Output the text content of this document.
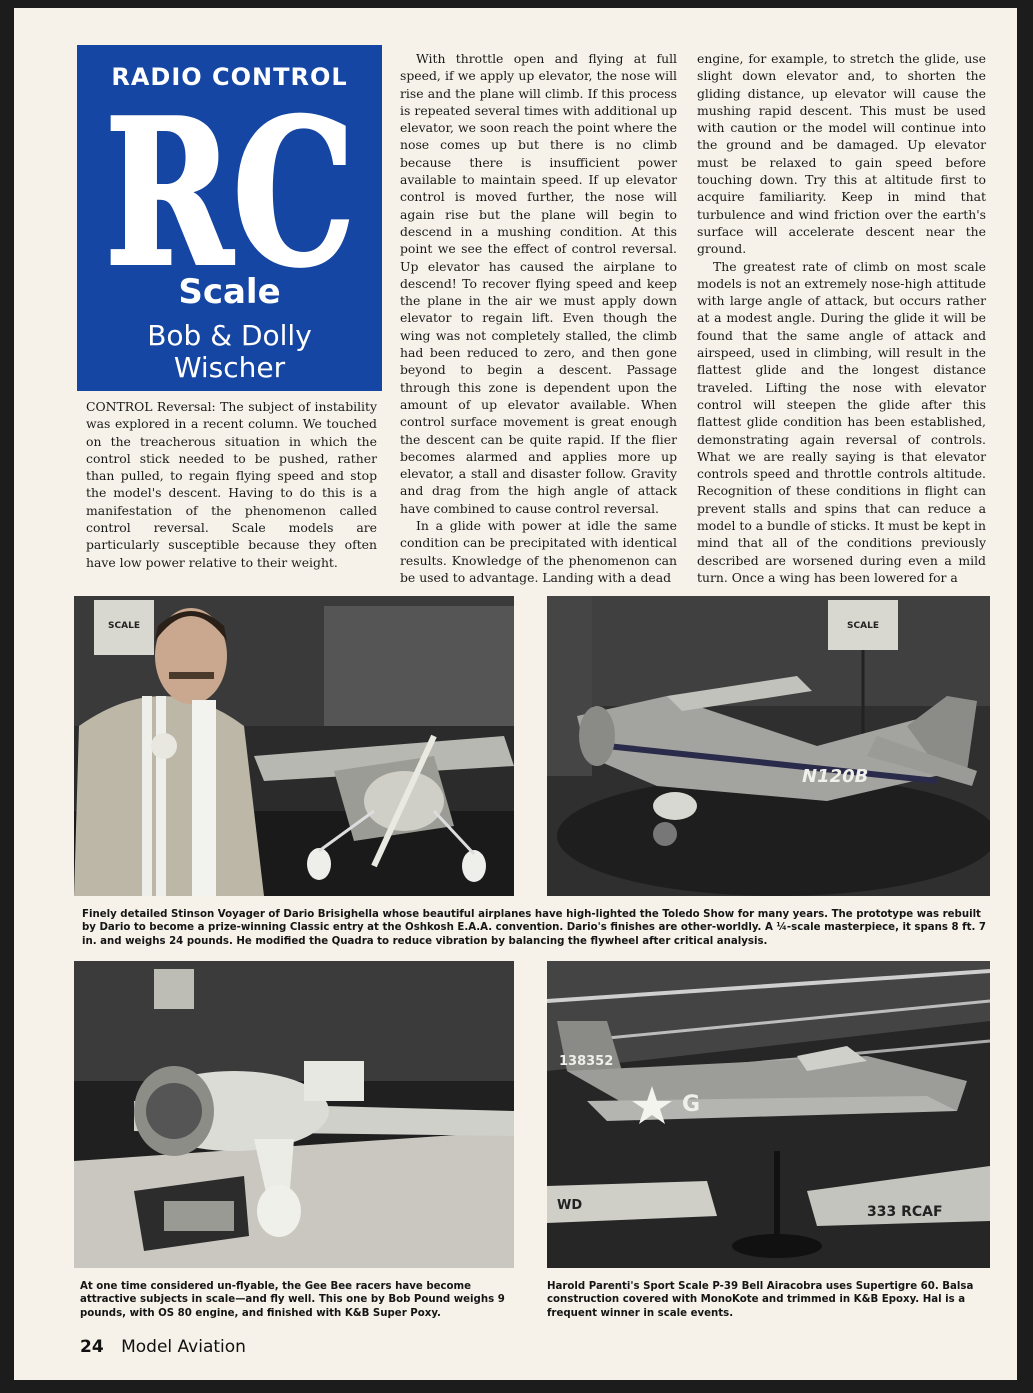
RADIO CONTROL
RC
Scale
Bob & Dolly
Wischer

CONTROL Reversal: The subject of instability was explored in a recent column. We touched on the treacherous situation in which the control stick needed to be pushed, rather than pulled, to regain flying speed and stop the model's descent. Having to do this is a manifestation of the phenomenon called control reversal. Scale models are particularly susceptible because they often have low power relative to their weight.

With throttle open and flying at full speed, if we apply up elevator, the nose will rise and the plane will climb. If this process is repeated several times with additional up elevator, we soon reach the point where the nose comes up but there is no climb because there is insufficient power available to maintain speed. If up elevator control is moved further, the nose will again rise but the plane will begin to descend in a mushing condition. At this point we see the effect of control reversal. Up elevator has caused the airplane to descend! To recover flying speed and keep the plane in the air we must apply down elevator to regain lift. Even though the wing was not completely stalled, the climb had been reduced to zero, and then gone beyond to begin a descent. Passage through this zone is dependent upon the amount of up elevator available. When control surface movement is great enough the descent can be quite rapid. If the flier becomes alarmed and applies more up elevator, a stall and disaster follow. Gravity and drag from the high angle of attack have combined to cause control reversal.

In a glide with power at idle the same condition can be precipitated with identical results. Knowledge of the phenomenon can be used to advantage. Landing with a dead

engine, for example, to stretch the glide, use slight down elevator and, to shorten the gliding distance, up elevator will cause the mushing rapid descent. This must be used with caution or the model will continue into the ground and be damaged. Up elevator must be relaxed to gain speed before touching down. Try this at altitude first to acquire familiarity. Keep in mind that turbulence and wind friction over the earth's surface will accelerate descent near the ground.

The greatest rate of climb on most scale models is not an extremely nose-high attitude with large angle of attack, but occurs rather at a modest angle. During the glide it will be found that the same angle of attack and airspeed, used in climbing, will result in the flattest glide and the longest distance traveled. Lifting the nose with elevator control will steepen the glide after this flattest glide condition has been established, demonstrating again reversal of controls. What we are really saying is that elevator controls speed and throttle controls altitude. Recognition of these conditions in flight can prevent stalls and spins that can reduce a model to a bundle of sticks. It must be kept in mind that all of the conditions previously described are worsened during even a mild turn. Once a wing has been lowered for a

SCALE	SCALE
N120B

Finely detailed Stinson Voyager of Dario Brisighella whose beautiful airplanes have high-lighted the Toledo Show for many years. The prototype was rebuilt by Dario to become a prize-winning Classic entry at the Oshkosh E.A.A. convention. Dario's finishes are other-worldly. A ¼-scale masterpiece, it spans 8 ft. 7 in. and weighs 24 pounds. He modified the Quadra to reduce vibration by balancing the flywheel after critical analysis.

G
138352
WD	333 RCAF

At one time considered un-flyable, the Gee Bee racers have become attractive subjects in scale—and fly well. This one by Bob Pound weighs 9 pounds, with OS 80 engine, and finished with K&B Super Poxy.

Harold Parenti's Sport Scale P-39 Bell Airacobra uses Supertigre 60. Balsa construction covered with MonoKote and trimmed in K&B Epoxy. Hal is a frequent winner in scale events.

24 Model Aviation
